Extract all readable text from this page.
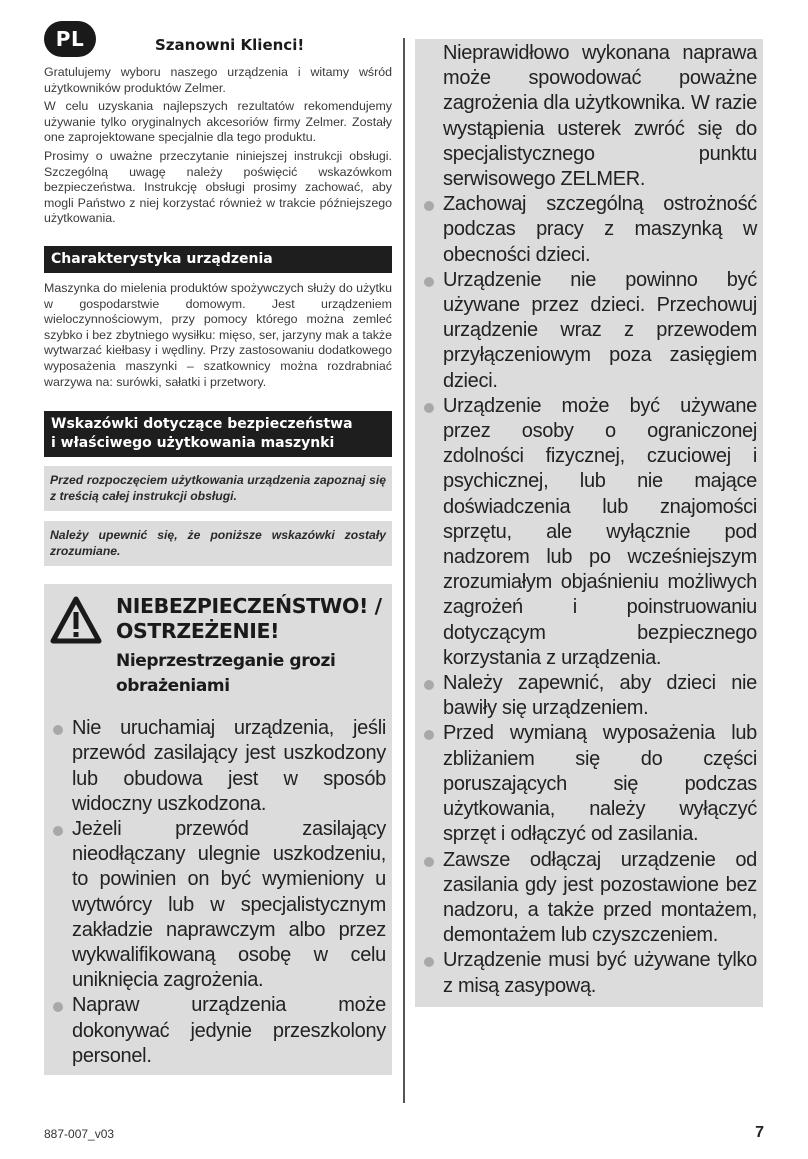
PL	Szanowni Klienci!

Gratulujemy wyboru naszego urządzenia i witamy wśród użytkowników produktów Zelmer.

W celu uzyskania najlepszych rezultatów rekomendujemy używanie tylko oryginalnych akcesoriów firmy Zelmer. Zostały one zaprojektowane specjalnie dla tego produktu.

Prosimy o uważne przeczytanie niniejszej instrukcji obsługi. Szczególną uwagę należy poświęcić wskazówkom bezpieczeństwa. Instrukcję obsługi prosimy zachować, aby mogli Państwo z niej korzystać również w trakcie późniejszego użytkowania.

Charakterystyka urządzenia

Maszynka do mielenia produktów spożywczych służy do użytku w gospodarstwie domowym. Jest urządzeniem wieloczynnościowym, przy pomocy którego można zemleć szybko i bez zbytniego wysiłku: mięso, ser, jarzyny mak a także wytwarzać kiełbasy i wędliny. Przy zastosowaniu dodatkowego wyposażenia maszynki – szatkownicy można rozdrabniać warzywa na: surówki, sałatki i przetwory.

Wskazówki dotyczące bezpieczeństwa
i właściwego użytkowania maszynki
Przed rozpoczęciem użytkowania urządzenia zapoznaj się z treścią całej instrukcji obsługi.
Należy upewnić się, że poniższe wskazówki zostały zrozumiane.
NIEBEZPIECZEŃSTWO! / OSTRZEŻENIE!
Nieprzestrzeganie grozi obrażeniami
Nie uruchamiaj urządzenia, jeśli przewód zasilający jest uszkodzony lub obudowa jest w sposób widoczny uszkodzona.
Jeżeli przewód zasilający nieodłączany ulegnie uszkodzeniu, to powinien on być wymieniony u wytwórcy lub w specjalistycznym zakładzie naprawczym albo przez wykwalifikowaną osobę w celu uniknięcia zagrożenia.
Napraw urządzenia może dokonywać jedynie przeszkolony personel.
Nieprawidłowo wykonana naprawa może spowodować poważne zagrożenia dla użytkownika. W razie wystąpienia usterek zwróć się do specjalistycznego punktu serwisowego ZELMER.
Zachowaj szczególną ostrożność podczas pracy z maszynką w obecności dzieci.
Urządzenie nie powinno być używane przez dzieci. Przechowuj urządzenie wraz z przewodem przyłączeniowym poza zasięgiem dzieci.
Urządzenie może być używane przez osoby o ograniczonej zdolności fizycznej, czuciowej i psychicznej, lub nie mające doświadczenia lub znajomości sprzętu, ale wyłącznie pod nadzorem lub po wcześniejszym zrozumiałym objaśnieniu możliwych zagrożeń i poinstruowaniu dotyczącym bezpiecznego korzystania z urządzenia.
Należy zapewnić, aby dzieci nie bawiły się urządzeniem.
Przed wymianą wyposażenia lub zbliżaniem się do części poruszających się podczas użytkowania, należy wyłączyć sprzęt i odłączyć od zasilania.
Zawsze odłączaj urządzenie od zasilania gdy jest pozostawione bez nadzoru, a także przed montażem, demontażem lub czyszczeniem.
Urządzenie musi być używane tylko z misą zasypową.
887-007_v03	7
